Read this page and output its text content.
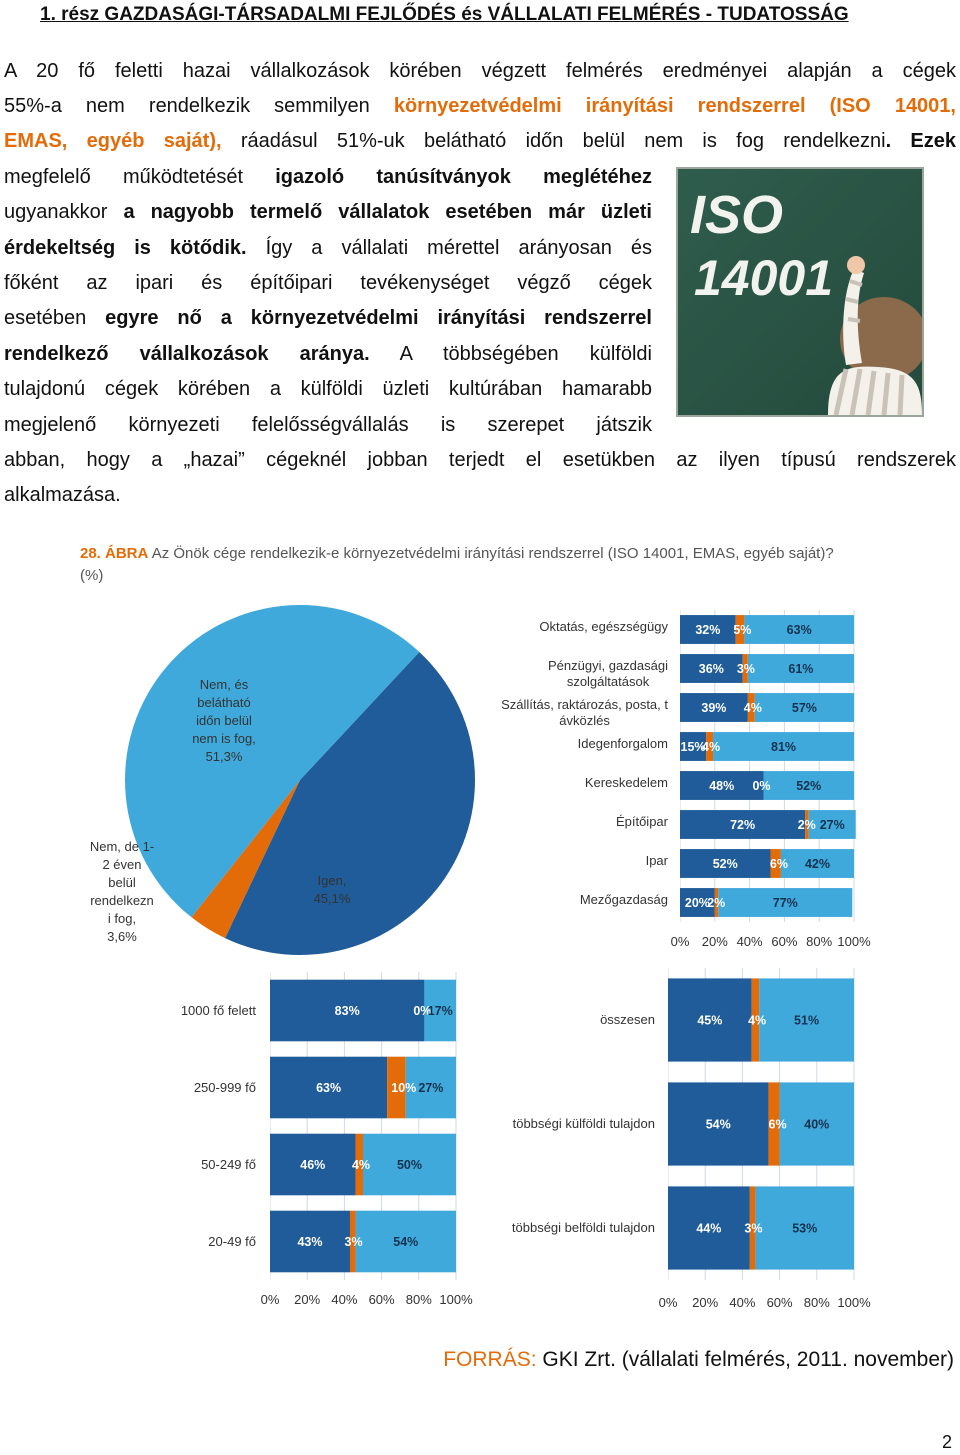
1. rész GAZDASÁGI-TÁRSADALMI FEJLŐDÉS és VÁLLALATI FELMÉRÉS - TUDATOSSÁG
A 20 fő feletti hazai vállalkozások körében végzett felmérés eredményei alapján a cégek
55%-a nem rendelkezik semmilyen környezetvédelmi irányítási rendszerrel (ISO 14001,
EMAS, egyéb saját), ráadásul 51%-uk belátható időn belül nem is fog rendelkezni. Ezek
megfelelő működtetését igazoló tanúsítványok meglétéhez
ugyanakkor a nagyobb termelő vállalatok esetében már üzleti
érdekeltség is kötődik. Így a vállalati mérettel arányosan és
főként az ipari és építőipari tevékenységet végző cégek
esetében egyre nő a környezetvédelmi irányítási rendszerrel
rendelkező vállalkozások aránya. A többségében külföldi
tulajdonú cégek körében a külföldi üzleti kultúrában hamarabb
megjelenő környezeti felelősségvállalás is szerepet játszik
abban, hogy a „hazai” cégeknél jobban terjedt el esetükben az ilyen típusú rendszerek
alkalmazása.
ISO
14001
28. ÁBRA Az Önök cége rendelkezik-e környezetvédelmi irányítási rendszerrel (ISO 14001, EMAS, egyéb saját)?
(%)
Nem, és
belátható
időn belül
nem is fog,
51,3%
Nem, de 1-
2 éven
belül
rendelkezn
i fog,
3,6%
Igen,
45,1%
32% 5%	63%
36% 3%	61%
39% 4% 57%
15%
4%	81%
48% 0% 52%
72%	2% 27%
52%	6% 42%
20%
2%	77%
Oktatás, egészségügy
Pénzügyi, gazdasági
szolgáltatások
Szállítás, raktározás, posta, t
ávközlés
Idegenforgalom
Kereskedelem
Építőipar
Ipar
Mezőgazdaság
0% 20% 40% 60% 80% 100%
83%	0%
17%
63%	10% 27%
46% 4% 50%
43% 3% 54%
1000 fő felett
250-999 fő
50-249 fő
20-49 fő
0%	20% 40% 60% 80% 100%
45% 4% 51%
54%	6% 40%
44% 3% 53%
összesen
többségi külföldi tulajdon
többségi belföldi tulajdon
0%	20% 40% 60% 80% 100%
FORRÁS: GKI Zrt. (vállalati felmérés, 2011. november)
2
